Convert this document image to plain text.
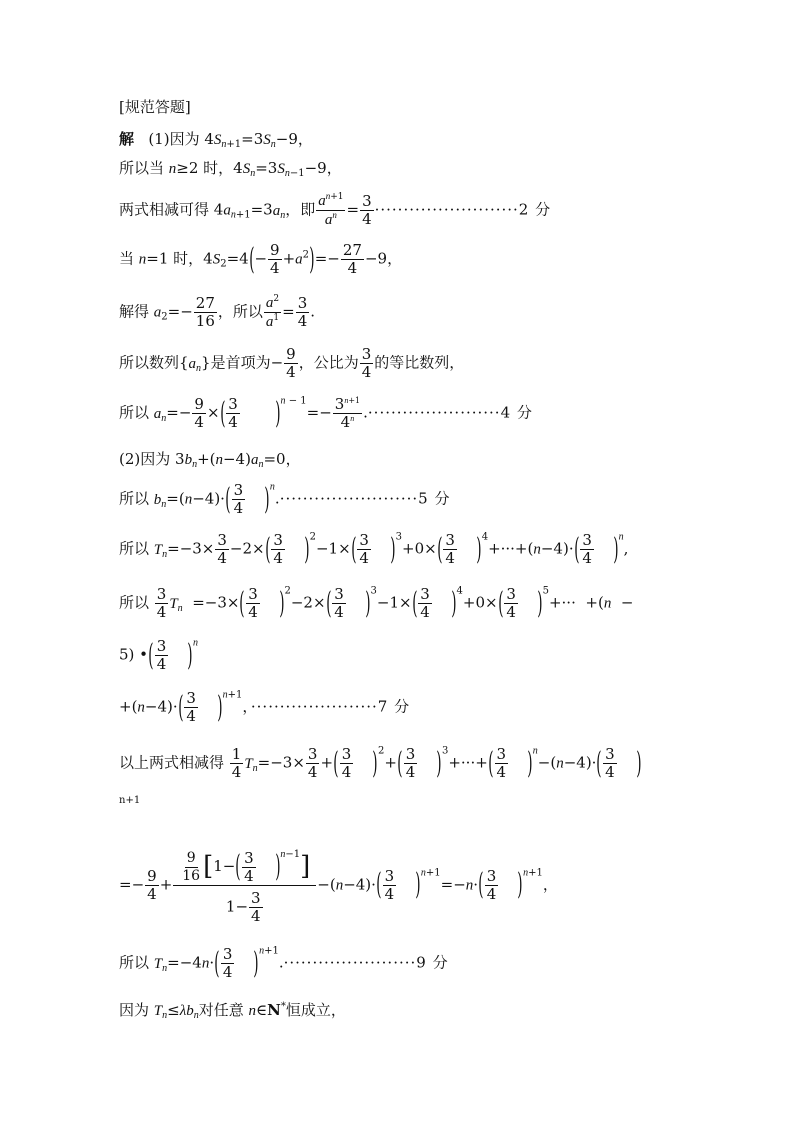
[规范答题]
解 (1)因为 $4S_{n+1}=3S_n-9$，
所以当 n≥2 时，$4S_n=3S_{n-1}-9$，
两式相减可得 $4a_{n+1}=3a_n$，即 $\frac{a^{n+1}}{a^n} = \frac{3}{4} \cdot\cdot\cdot\cdot\cdot\cdot\cdot\cdot\cdot\cdot\cdot\cdot\cdot\cdot\cdot\cdot\cdot\cdot\cdot\cdot\cdot\cdot\cdot\cdot\cdot 2$ 分
当 n=1 时，$4S_2=4(- \frac{9}{4} +a^2)=- \frac{27}{4} -9$，
解得 $a_2=- \frac{27}{16}$ ，所以 $\frac{a^2}{a^1} = \frac{3}{4}$ .
所以数列$\{a_n\}$是首项为− $\frac{9}{4}$ ，公比为 $\frac{3}{4}$ 的等比数列，
所以 $a_n=- \frac{9}{4}$ ×( $\frac{3}{4} )^{n - 1}=- \frac{3^{n+1}}{4^n} .\cdot\cdot\cdot\cdot\cdot\cdot\cdot\cdot\cdot\cdot\cdot\cdot\cdot\cdot\cdot\cdot\cdot\cdot\cdot\cdot\cdot\cdot\cdot 4$ 分
(2)因为 $3b_n+(n-4)a_n=0$，
所以 $b_n=(n-4)\cdot( \frac{3}{4} )^n.\cdot\cdot\cdot\cdot\cdot\cdot\cdot\cdot\cdot\cdot\cdot\cdot\cdot\cdot\cdot\cdot\cdot\cdot\cdot\cdot\cdot\cdot\cdot\cdot 5$ 分
所以 $T_n=-3\times \frac{3}{4} -2\times( \frac{3}{4} )^2-1\times( \frac{3}{4} )^3+0\times( \frac{3}{4} )^4+\cdot\cdot\cdot+(n-4)\cdot( \frac{3}{4} )^n$,
所以 $\frac{3}{4} T_n =-3\times( \frac{3}{4} )^2-2\times( \frac{3}{4} )^3-1\times( \frac{3}{4} )^4+0\times( \frac{3}{4} )^5+\cdot\cdot\cdot +(n$  −
5) •( $\frac{3}{4} )^n$
$+(n-4)\cdot( \frac{3}{4} )^{n+1}$，······················7 分
以上两式相减得 $\frac{1}{4} T_n=-3\times \frac{3}{4}$ +( $\frac{3}{4} )^2+( \frac{3}{4} )^3+\cdot\cdot\cdot+( \frac{3}{4} )^n-(n-4)\cdot( \frac{3}{4}$ )
n+1
=− $\frac{9}{4} + \frac{\frac{9}{16} [1-( \frac{3}{4} )^{n-1}]}{1- \frac{3}{4}} -(n-4)\cdot( \frac{3}{4} )^{n+1}=-n\cdot( \frac{3}{4} )^{n+1}$，
所以 $T_n=-4n\cdot( \frac{3}{4} )^{n+1}.\cdot\cdot\cdot\cdot\cdot\cdot\cdot\cdot\cdot\cdot\cdot\cdot\cdot\cdot\cdot\cdot\cdot\cdot\cdot\cdot\cdot\cdot\cdot 9$ 分
因为 $T_n\le\lambda b_n$对任意 n∈N*恒成立，
